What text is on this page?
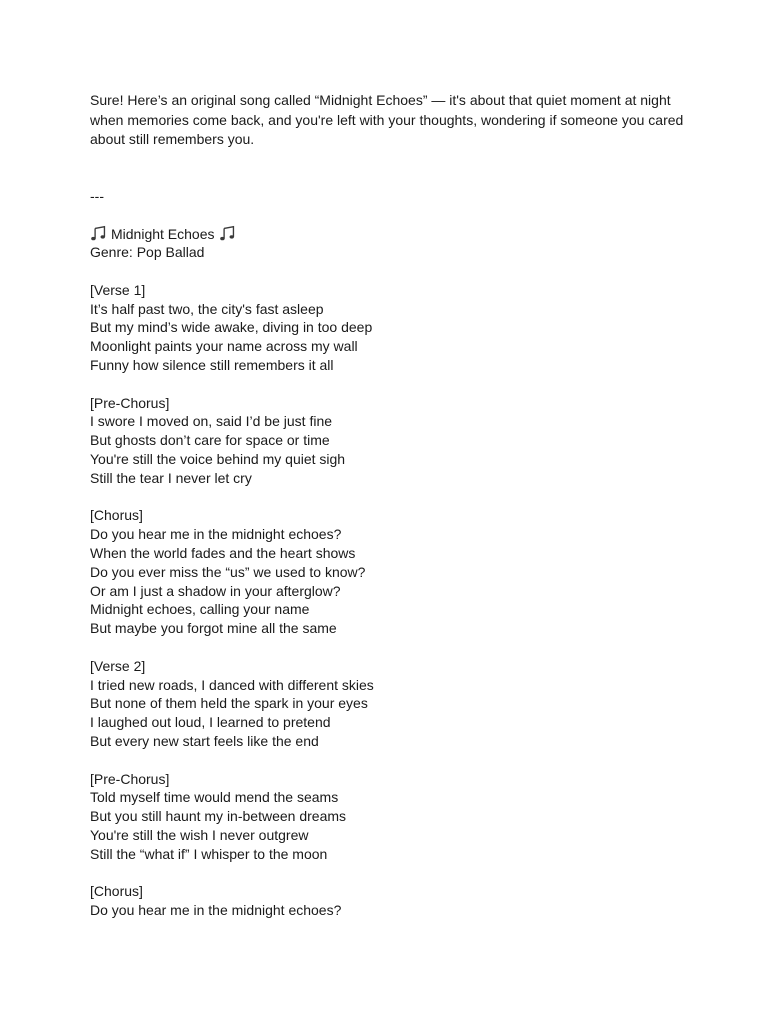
Sure! Here’s an original song called “Midnight Echoes” — it's about that quiet moment at night when memories come back, and you're left with your thoughts, wondering if someone you cared about still remembers you.

---

Midnight Echoes
Genre: Pop Ballad
[Verse 1]
It’s half past two, the city's fast asleep
But my mind’s wide awake, diving in too deep
Moonlight paints your name across my wall
Funny how silence still remembers it all
[Pre-Chorus]
I swore I moved on, said I’d be just fine
But ghosts don’t care for space or time
You're still the voice behind my quiet sigh
Still the tear I never let cry
[Chorus]
Do you hear me in the midnight echoes?
When the world fades and the heart shows
Do you ever miss the “us” we used to know?
Or am I just a shadow in your afterglow?
Midnight echoes, calling your name
But maybe you forgot mine all the same
[Verse 2]
I tried new roads, I danced with different skies
But none of them held the spark in your eyes
I laughed out loud, I learned to pretend
But every new start feels like the end
[Pre-Chorus]
Told myself time would mend the seams
But you still haunt my in-between dreams
You're still the wish I never outgrew
Still the “what if” I whisper to the moon
[Chorus]
Do you hear me in the midnight echoes?
